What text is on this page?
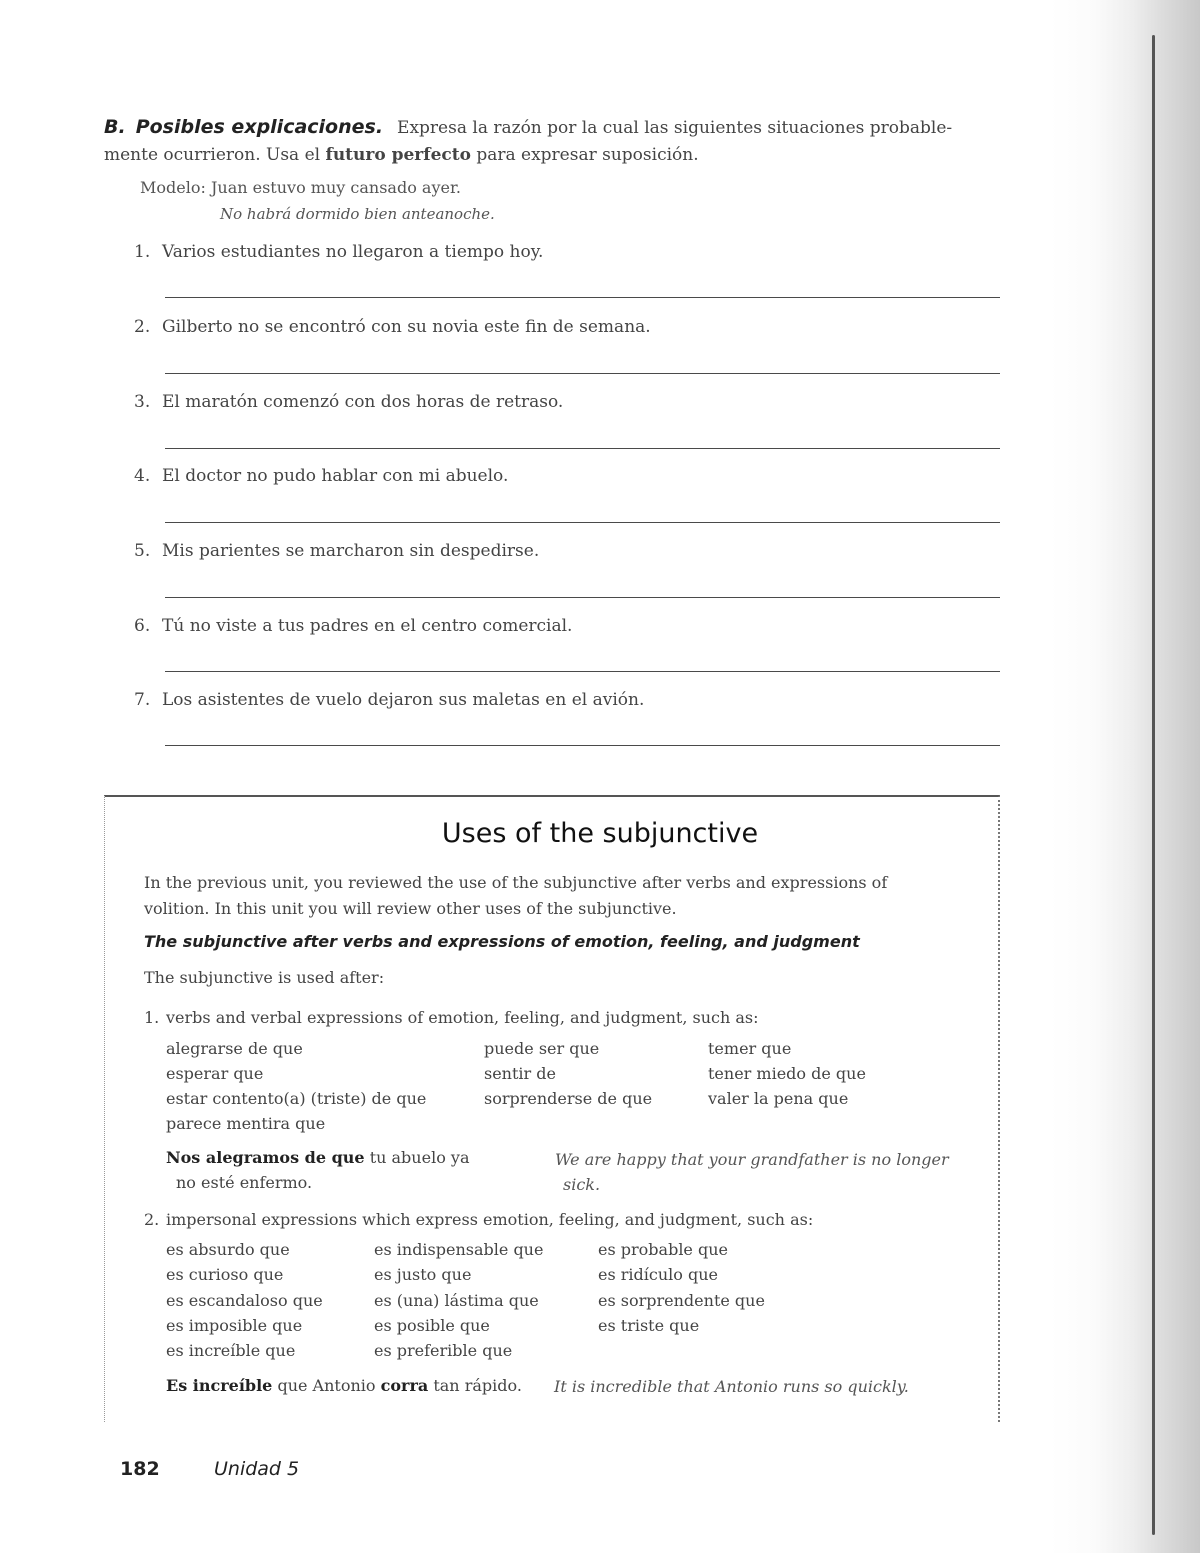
B. Posibles explicaciones. Expresa la razón por la cual las siguientes situaciones probable- mente ocurrieron. Usa el futuro perfecto para expresar suposición.
Modelo: Juan estuvo muy cansado ayer.
No habrá dormido bien anteanoche.
1. Varios estudiantes no llegaron a tiempo hoy.
2. Gilberto no se encontró con su novia este fin de semana.
3. El maratón comenzó con dos horas de retraso.
4. El doctor no pudo hablar con mi abuelo.
5. Mis parientes se marcharon sin despedirse.
6. Tú no viste a tus padres en el centro comercial.
7. Los asistentes de vuelo dejaron sus maletas en el avión.
Uses of the subjunctive
In the previous unit, you reviewed the use of the subjunctive after verbs and expressions of volition. In this unit you will review other uses of the subjunctive.
The subjunctive after verbs and expressions of emotion, feeling, and judgment
The subjunctive is used after:
1. verbs and verbal expressions of emotion, feeling, and judgment, such as:
alegrarse de que
esperar que
estar contento(a) (triste) de que
parece mentira que
puede ser que
sentir de
sorprenderse de que
temer que
tener miedo de que
valer la pena que
Nos alegramos de que tu abuelo ya
no esté enfermo.
We are happy that your grandfather is no longer
sick.
2. impersonal expressions which express emotion, feeling, and judgment, such as:
es absurdo que
es curioso que
es escandaloso que
es imposible que
es increíble que
es indispensable que
es justo que
es (una) lástima que
es posible que
es preferible que
es probable que
es ridículo que
es sorprendente que
es triste que
Es increíble que Antonio corra tan rápido. It is incredible that Antonio runs so quickly.
182	Unidad 5
